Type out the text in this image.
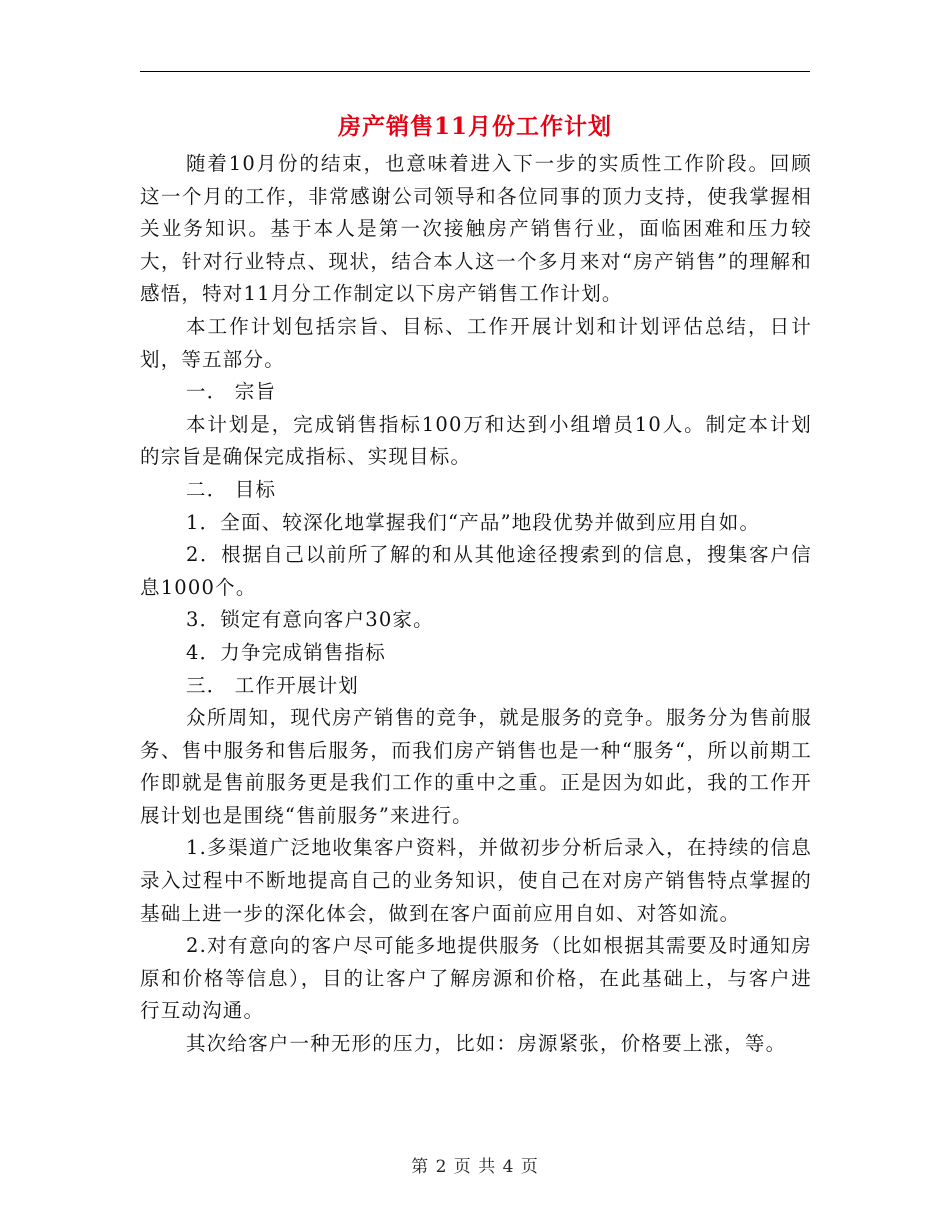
房产销售11月份工作计划

随着10月份的结束，也意味着进入下一步的实质性工作阶段。回顾这一个月的工作，非常感谢公司领导和各位同事的顶力支持，使我掌握相关业务知识。基于本人是第一次接触房产销售行业，面临困难和压力较大，针对行业特点、现状，结合本人这一个多月来对“房产销售”的理解和感悟，特对11月分工作制定以下房产销售工作计划。

本工作计划包括宗旨、目标、工作开展计划和计划评估总结，日计划，等五部分。

一． 宗旨

本计划是，完成销售指标100万和达到小组增员10人。制定本计划的宗旨是确保完成指标、实现目标。

二． 目标

1．全面、较深化地掌握我们“产品”地段优势并做到应用自如。

2．根据自己以前所了解的和从其他途径搜索到的信息，搜集客户信息1000个。

3．锁定有意向客户30家。

4．力争完成销售指标

三． 工作开展计划

众所周知，现代房产销售的竞争，就是服务的竞争。服务分为售前服务、售中服务和售后服务，而我们房产销售也是一种“服务“，所以前期工作即就是售前服务更是我们工作的重中之重。正是因为如此，我的工作开展计划也是围绕“售前服务”来进行。

1.多渠道广泛地收集客户资料，并做初步分析后录入，在持续的信息录入过程中不断地提高自己的业务知识，使自己在对房产销售特点掌握的基础上进一步的深化体会，做到在客户面前应用自如、对答如流。

2.对有意向的客户尽可能多地提供服务（比如根据其需要及时通知房原和价格等信息），目的让客户了解房源和价格，在此基础上，与客户进行互动沟通。

其次给客户一种无形的压力，比如：房源紧张，价格要上涨，等。

第 2 页 共 4 页
